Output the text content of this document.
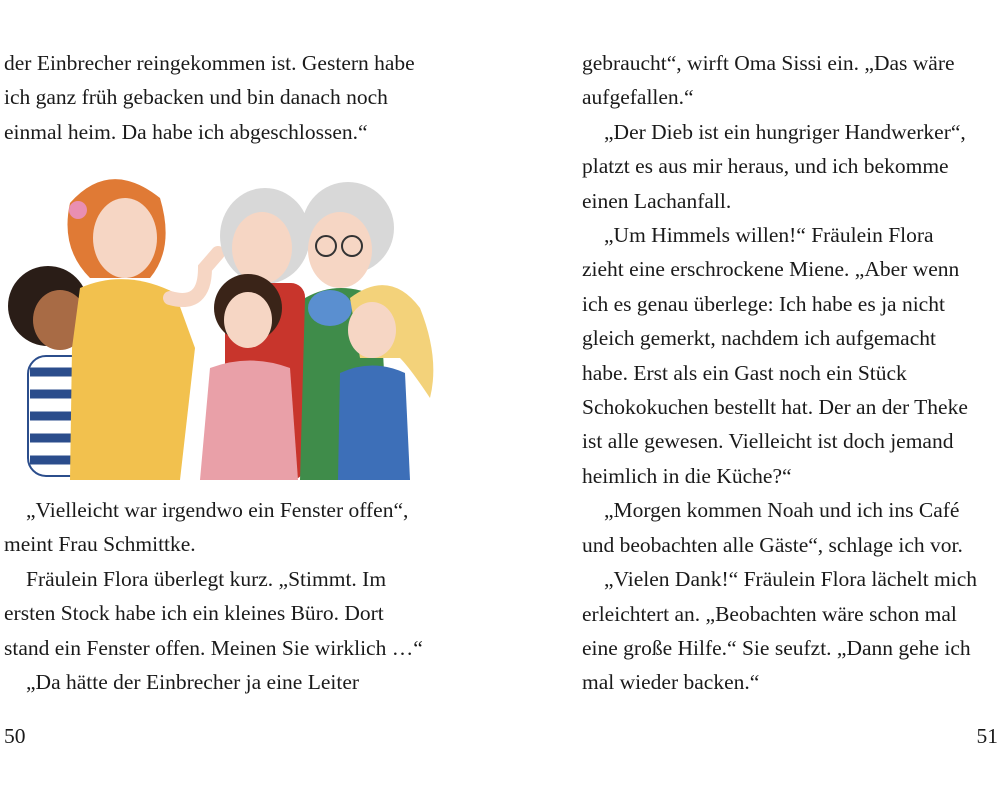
der Einbrecher reingekommen ist. Gestern habe

ich ganz früh gebacken und bin danach noch

einmal heim. Da habe ich abgeschlossen.“

„Vielleicht war irgendwo ein Fenster offen“,

meint Frau Schmittke.

Fräulein Flora überlegt kurz. „Stimmt. Im

ersten Stock habe ich ein kleines Büro. Dort

stand ein Fenster offen. Meinen Sie wirklich …“

„Da hätte der Einbrecher ja eine Leiter

50

gebraucht“, wirft Oma Sissi ein. „Das wäre

aufgefallen.“

„Der Dieb ist ein hungriger Handwerker“,

platzt es aus mir heraus, und ich bekomme

einen Lachanfall.

„Um Himmels willen!“ Fräulein Flora

zieht eine erschrockene Miene. „Aber wenn

ich es genau überlege: Ich habe es ja nicht

gleich gemerkt, nachdem ich aufgemacht

habe. Erst als ein Gast noch ein Stück

Schokokuchen bestellt hat. Der an der Theke

ist alle gewesen. Vielleicht ist doch jemand

heimlich in die Küche?“

„Morgen kommen Noah und ich ins Café

und beobachten alle Gäste“, schlage ich vor.

„Vielen Dank!“ Fräulein Flora lächelt mich

erleichtert an. „Beobachten wäre schon mal

eine große Hilfe.“ Sie seufzt. „Dann gehe ich

mal wieder backen.“

51
